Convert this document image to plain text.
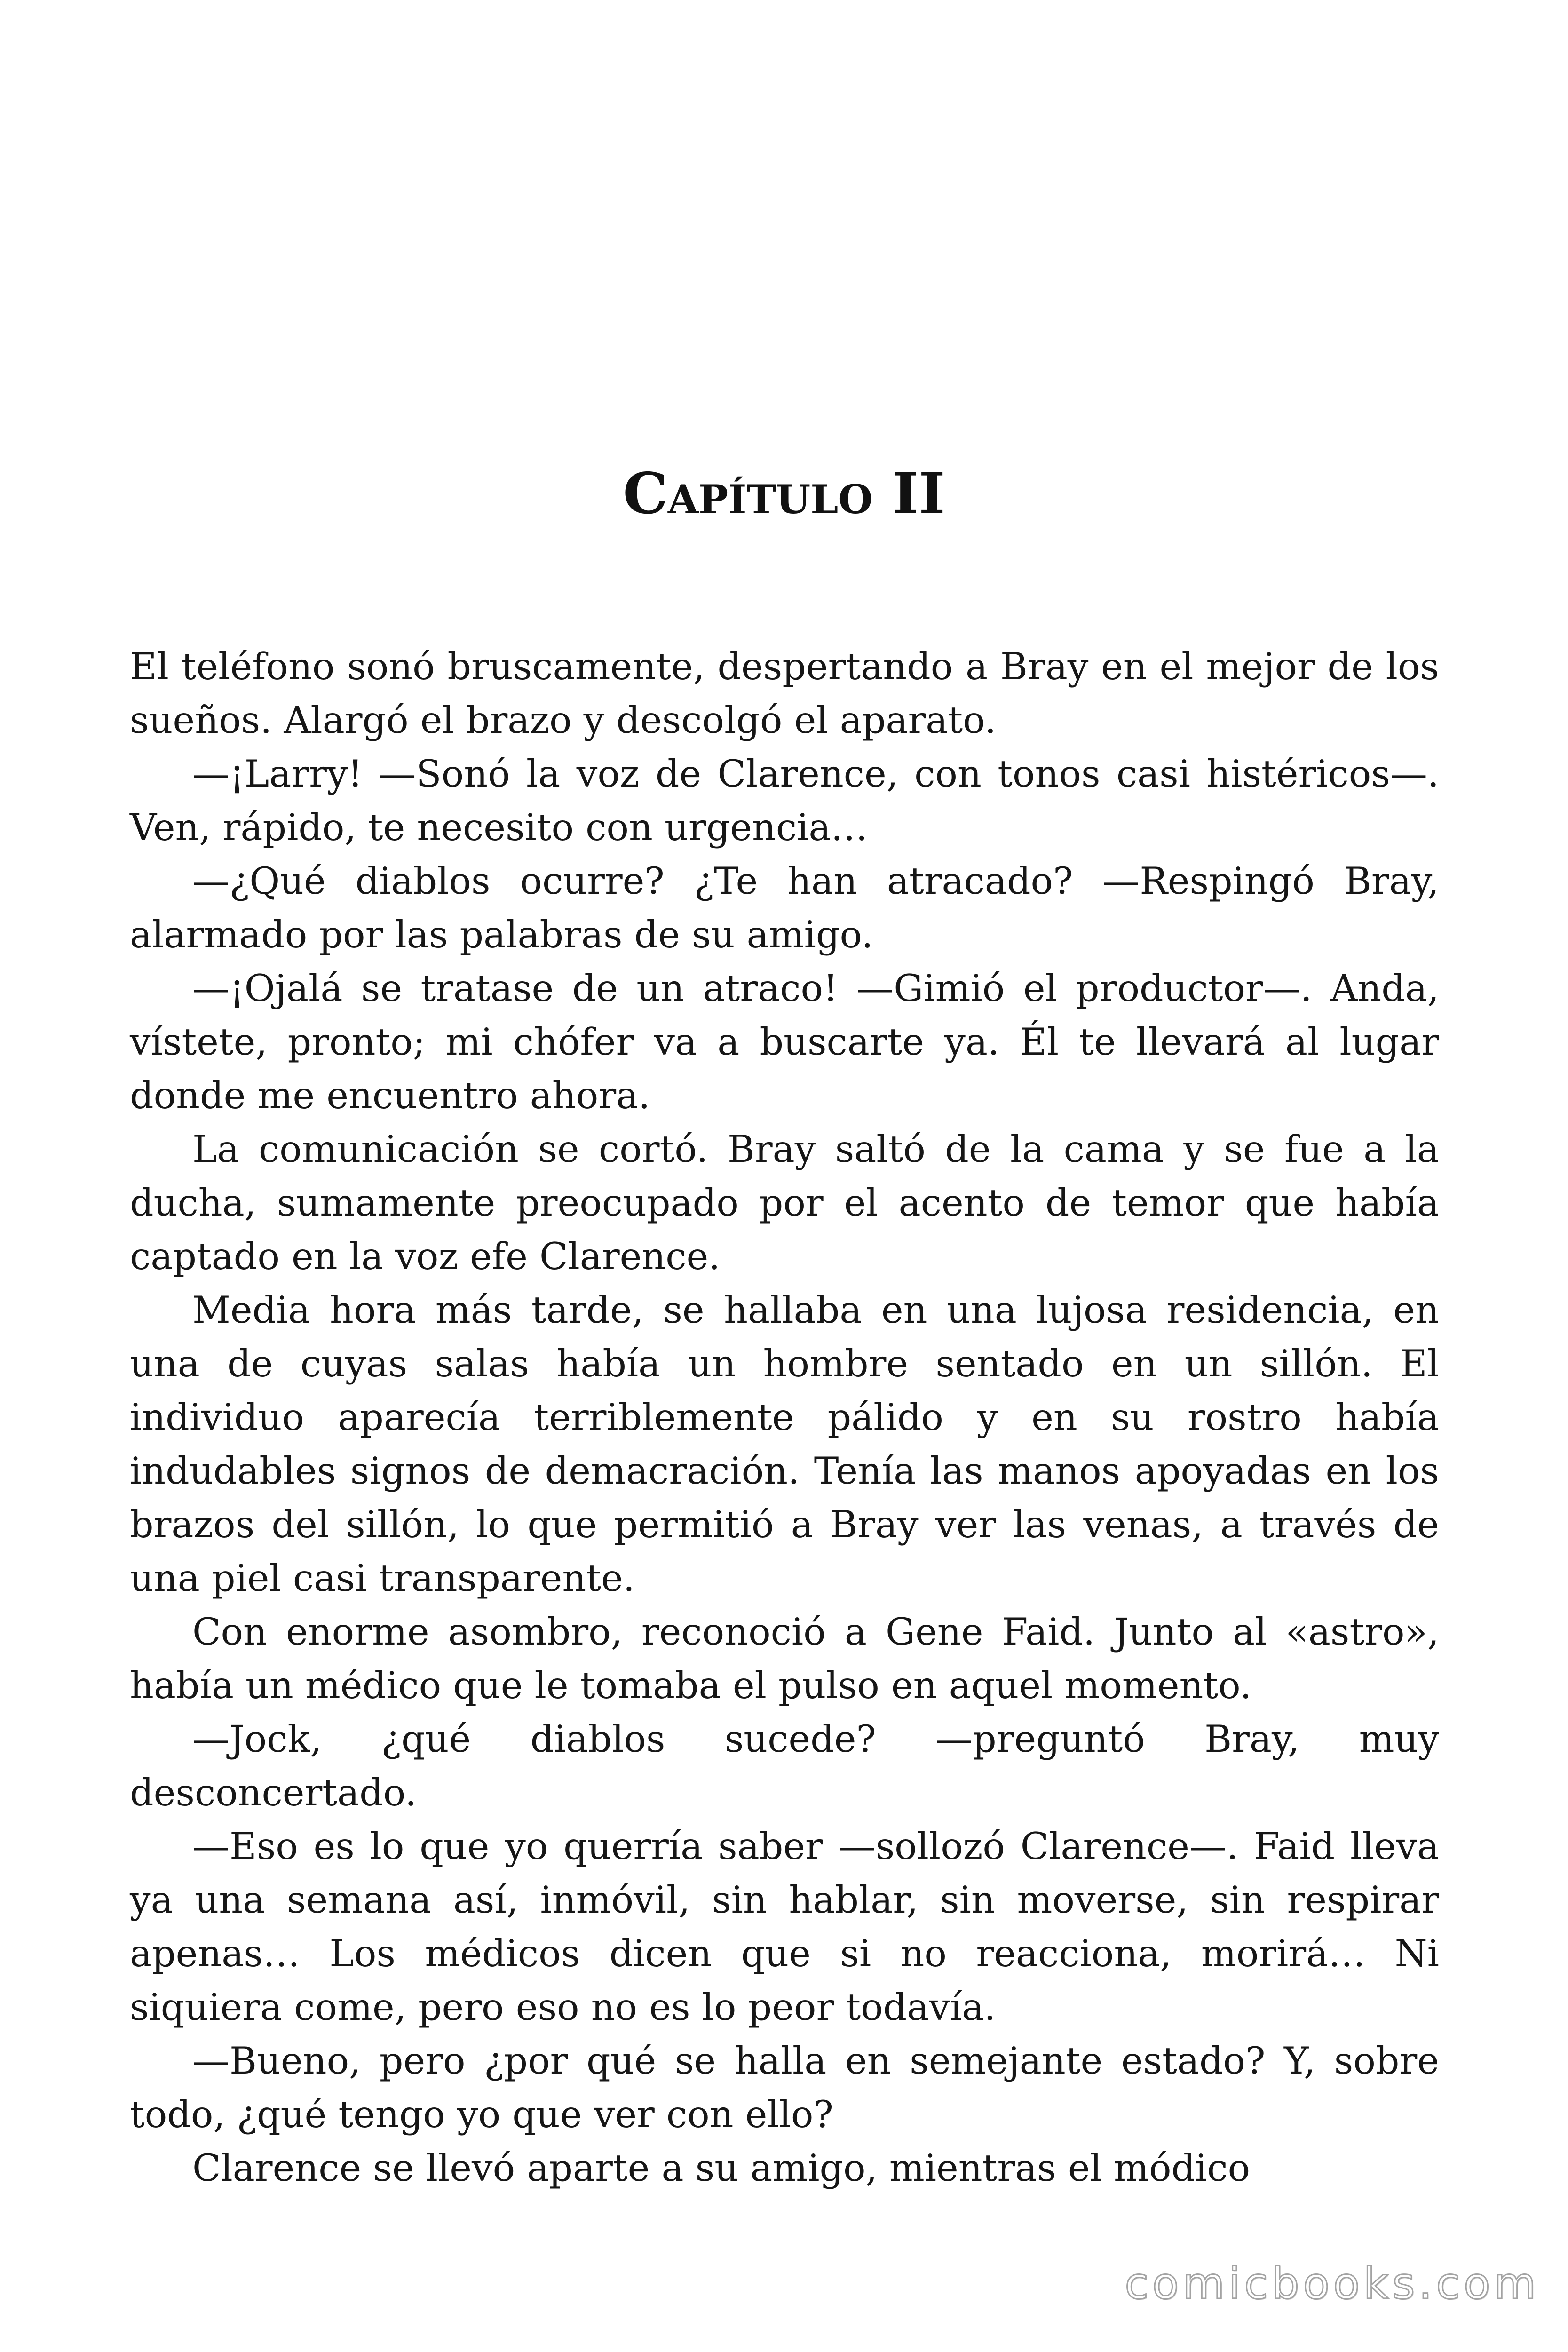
Capítulo II

El teléfono sonó bruscamente, despertando a Bray en el mejor de los sueños. Alargó el brazo y descolgó el aparato.

—¡Larry! —Sonó la voz de Clarence, con tonos casi histéricos—. Ven, rápido, te necesito con urgencia…

—¿Qué diablos ocurre? ¿Te han atracado? —Respingó Bray, alarmado por las palabras de su amigo.

—¡Ojalá se tratase de un atraco! —Gimió el productor—. Anda, vístete, pronto; mi chófer va a buscarte ya. Él te llevará al lugar donde me encuentro ahora.

La comunicación se cortó. Bray saltó de la cama y se fue a la ducha, sumamente preocupado por el acento de temor que había captado en la voz efe Clarence.

Media hora más tarde, se hallaba en una lujosa residencia, en una de cuyas salas había un hombre sentado en un sillón. El individuo aparecía terriblemente pálido y en su rostro había indudables signos de demacración. Tenía las manos apoyadas en los brazos del sillón, lo que permitió a Bray ver las venas, a través de una piel casi transparente.

Con enorme asombro, reconoció a Gene Faid. Junto al «astro», había un médico que le tomaba el pulso en aquel momento.

—Jock, ¿qué diablos sucede? —preguntó Bray, muy desconcertado.

—Eso es lo que yo querría saber —sollozó Clarence—. Faid lleva ya una semana así, inmóvil, sin hablar, sin moverse, sin respirar apenas… Los médicos dicen que si no reacciona, morirá… Ni siquiera come, pero eso no es lo peor todavía.

—Bueno, pero ¿por qué se halla en semejante estado? Y, sobre todo, ¿qué tengo yo que ver con ello?

Clarence se llevó aparte a su amigo, mientras el módico

comicbooks.com
